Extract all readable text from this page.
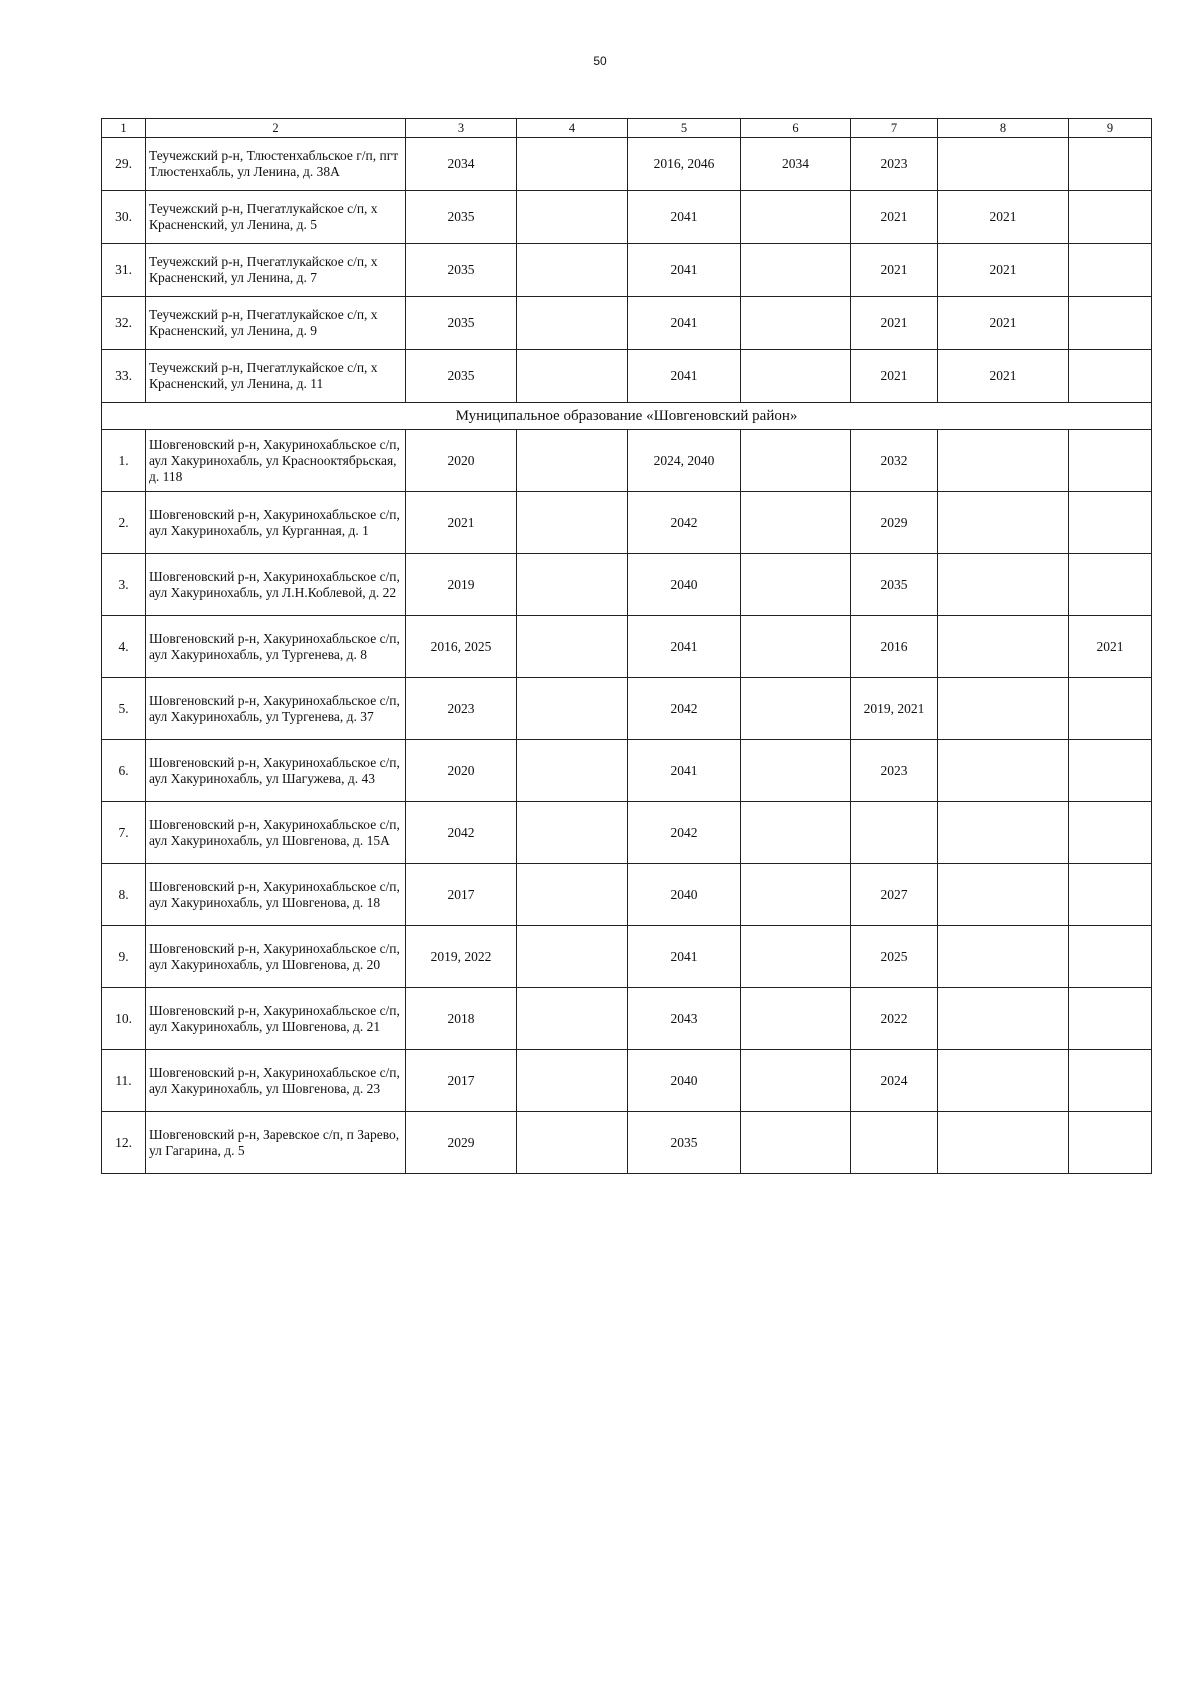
50
1	2	3	4	5	6	7	8	9
29.	Теучежский р-н, Тлюстенхабльское г/п, пгт Тлюстенхабль, ул Ленина, д. 38А	2034		2016, 2046	2034	2023		
30.	Теучежский р-н, Пчегатлукайское с/п, х Красненский, ул Ленина, д. 5	2035		2041		2021	2021	
31.	Теучежский р-н, Пчегатлукайское с/п, х Красненский, ул Ленина, д. 7	2035		2041		2021	2021	
32.	Теучежский р-н, Пчегатлукайское с/п, х Красненский, ул Ленина, д. 9	2035		2041		2021	2021	
33.	Теучежский р-н, Пчегатлукайское с/п, х Красненский, ул Ленина, д. 11	2035		2041		2021	2021	
Муниципальное образование «Шовгеновский район»								
1.	Шовгеновский р-н, Хакуринохабльское с/п, аул Хакуринохабль, ул Краснооктябрьская, д. 118	2020		2024, 2040		2032		
2.	Шовгеновский р-н, Хакуринохабльское с/п, аул Хакуринохабль, ул Курганная, д. 1	2021		2042		2029		
3.	Шовгеновский р-н, Хакуринохабльское с/п, аул Хакуринохабль, ул Л.Н.Коблевой, д. 22	2019		2040		2035		
4.	Шовгеновский р-н, Хакуринохабльское с/п, аул Хакуринохабль, ул Тургенева, д. 8	2016, 2025		2041		2016		2021
5.	Шовгеновский р-н, Хакуринохабльское с/п, аул Хакуринохабль, ул Тургенева, д. 37	2023		2042		2019, 2021		
6.	Шовгеновский р-н, Хакуринохабльское с/п, аул Хакуринохабль, ул Шагужева, д. 43	2020		2041		2023		
7.	Шовгеновский р-н, Хакуринохабльское с/п, аул Хакуринохабль, ул Шовгенова, д. 15А	2042		2042				
8.	Шовгеновский р-н, Хакуринохабльское с/п, аул Хакуринохабль, ул Шовгенова, д. 18	2017		2040		2027		
9.	Шовгеновский р-н, Хакуринохабльское с/п, аул Хакуринохабль, ул Шовгенова, д. 20	2019, 2022		2041		2025		
10.	Шовгеновский р-н, Хакуринохабльское с/п, аул Хакуринохабль, ул Шовгенова, д. 21	2018		2043		2022		
11.	Шовгеновский р-н, Хакуринохабльское с/п, аул Хакуринохабль, ул Шовгенова, д. 23	2017		2040		2024		
12.	Шовгеновский р-н, Заревское с/п, п Зарево, ул Гагарина, д. 5	2029		2035				
